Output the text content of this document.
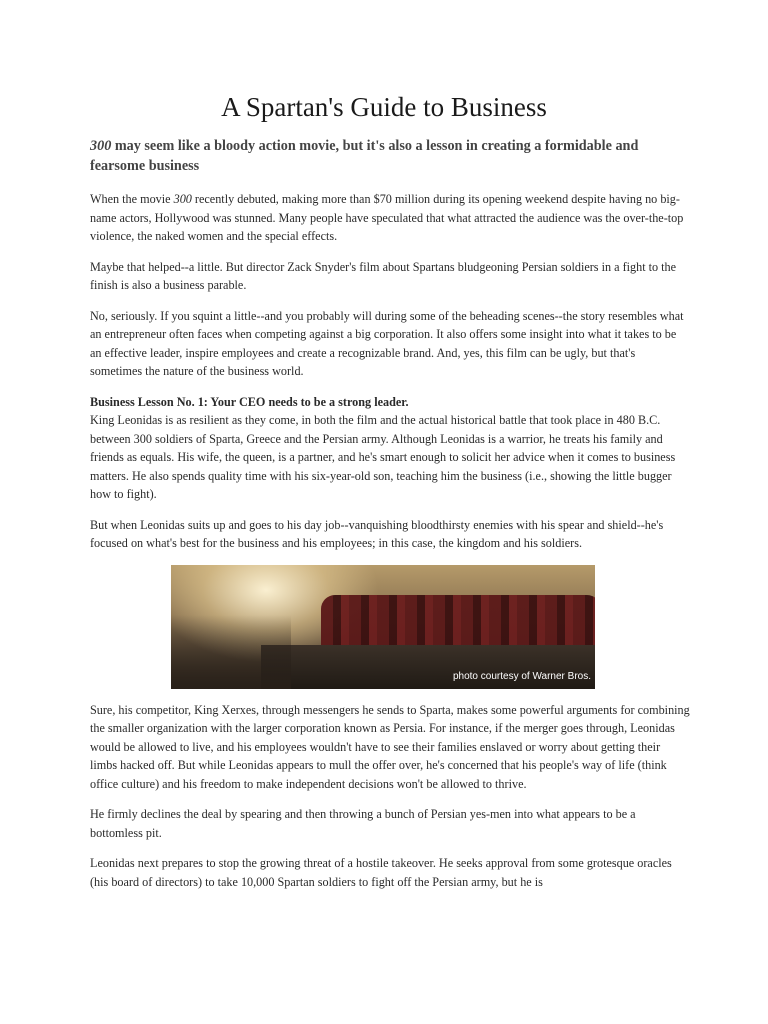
A Spartan's Guide to Business
300 may seem like a bloody action movie, but it's also a lesson in creating a formidable and fearsome business

When the movie 300 recently debuted, making more than $70 million during its opening weekend despite having no big-name actors, Hollywood was stunned. Many people have speculated that what attracted the audience was the over-the-top violence, the naked women and the special effects.

Maybe that helped--a little. But director Zack Snyder's film about Spartans bludgeoning Persian soldiers in a fight to the finish is also a business parable.

No, seriously. If you squint a little--and you probably will during some of the beheading scenes--the story resembles what an entrepreneur often faces when competing against a big corporation. It also offers some insight into what it takes to be an effective leader, inspire employees and create a recognizable brand. And, yes, this film can be ugly, but that's sometimes the nature of the business world.

Business Lesson No. 1: Your CEO needs to be a strong leader.

King Leonidas is as resilient as they come, in both the film and the actual historical battle that took place in 480 B.C. between 300 soldiers of Sparta, Greece and the Persian army. Although Leonidas is a warrior, he treats his family and friends as equals. His wife, the queen, is a partner, and he's smart enough to solicit her advice when it comes to business matters. He also spends quality time with his six-year-old son, teaching him the business (i.e., showing the little bugger how to fight).

But when Leonidas suits up and goes to his day job--vanquishing bloodthirsty enemies with his spear and shield--he's focused on what's best for the business and his employees; in this case, the kingdom and his soldiers.

photo courtesy of Warner Bros.

Sure, his competitor, King Xerxes, through messengers he sends to Sparta, makes some powerful arguments for combining the smaller organization with the larger corporation known as Persia. For instance, if the merger goes through, Leonidas would be allowed to live, and his employees wouldn't have to see their families enslaved or worry about getting their limbs hacked off. But while Leonidas appears to mull the offer over, he's concerned that his people's way of life (think office culture) and his freedom to make independent decisions won't be allowed to thrive.

He firmly declines the deal by spearing and then throwing a bunch of Persian yes-men into what appears to be a bottomless pit.

Leonidas next prepares to stop the growing threat of a hostile takeover. He seeks approval from some grotesque oracles (his board of directors) to take 10,000 Spartan soldiers to fight off the Persian army, but he is
